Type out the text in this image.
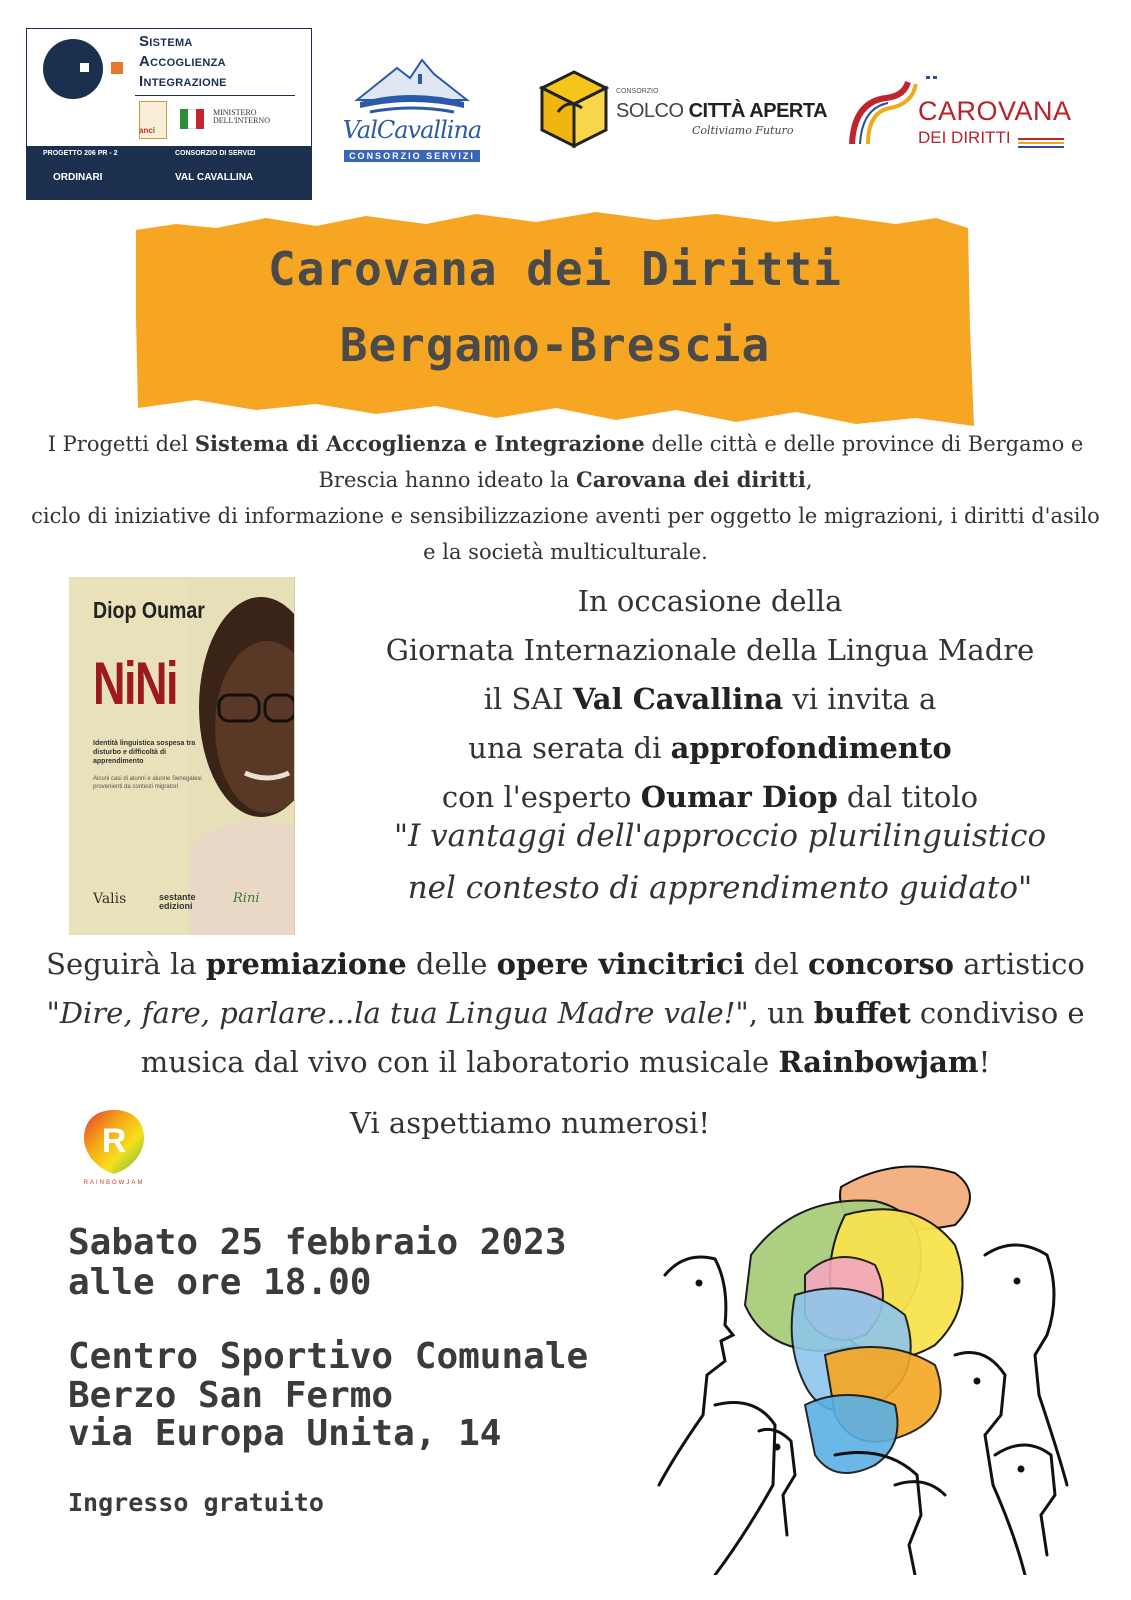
Sistema
Accoglienza
Integrazione
anci
MINISTERO
DELL'INTERNO
PROGETTO 206 PR - 2	CONSORZIO DI SERVIZI
ORDINARI	VAL CAVALLINA
ValCavallina
CONSORZIO SERVIZI
CONSORZIO
SOLCO CITTÀ APERTA
Coltiviamo Futuro
CAROVANA
DEI DIRITTI
Carovana dei Diritti
Bergamo-Brescia
I Progetti del Sistema di Accoglienza e Integrazione delle città e delle province di Bergamo e Brescia hanno ideato la Carovana dei diritti,
ciclo di iniziative di informazione e sensibilizzazione aventi per oggetto le migrazioni, i diritti d'asilo e la società multiculturale.
Diop Oumar
NiNi
Identità linguistica sospesa tra disturbo e difficoltà di apprendimento
Alcuni casi di alunni e alunne Senegalesi provenienti da contesti migratori
Valis	sestante edizioni	Rini
In occasione della
Giornata Internazionale della Lingua Madre
il SAI Val Cavallina vi invita a
una serata di approfondimento
con l'esperto Oumar Diop dal titolo
"I vantaggi dell'approccio plurilinguistico
nel contesto di apprendimento guidato"
Seguirà la premiazione delle opere vincitrici del concorso artistico "Dire, fare, parlare...la tua Lingua Madre vale!", un buffet condiviso e musica dal vivo con il laboratorio musicale Rainbowjam!
Vi aspettiamo numerosi!
R
RAINBOWJAM
Sabato 25 febbraio 2023
alle ore 18.00
Centro Sportivo Comunale
Berzo San Fermo
via Europa Unita, 14
Ingresso gratuito
